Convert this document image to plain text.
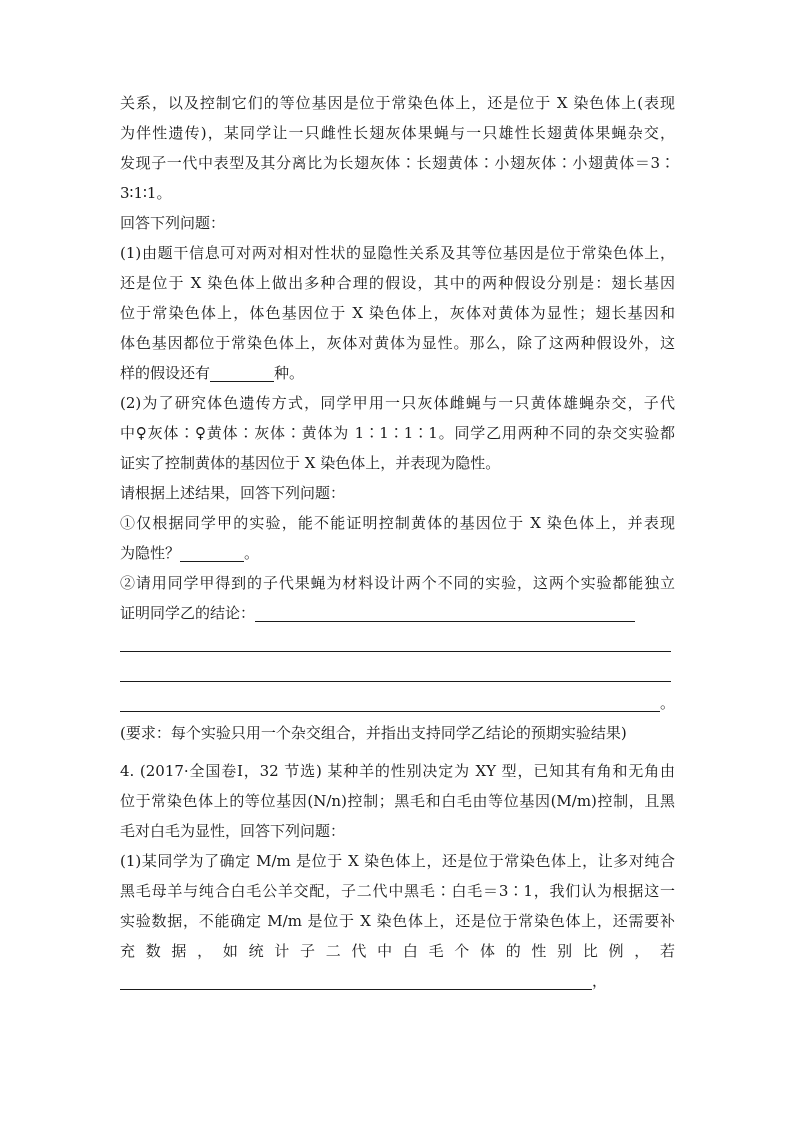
关系，以及控制它们的等位基因是位于常染色体上，还是位于 X 染色体上(表现
为伴性遗传)，某同学让一只雌性长翅灰体果蝇与一只雄性长翅黄体果蝇杂交，
发现子一代中表型及其分离比为长翅灰体∶长翅黄体∶小翅灰体∶小翅黄体＝3∶
3∶1∶1。
回答下列问题：
(1)由题干信息可对两对相对性状的显隐性关系及其等位基因是位于常染色体上，
还是位于 X 染色体上做出多种合理的假设，其中的两种假设分别是：翅长基因
位于常染色体上，体色基因位于 X 染色体上，灰体对黄体为显性；翅长基因和
体色基因都位于常染色体上，灰体对黄体为显性。那么，除了这两种假设外，这
样的假设还有	种。
(2)为了研究体色遗传方式，同学甲用一只灰体雌蝇与一只黄体雄蝇杂交，子代
中♀灰体∶♀黄体∶灰体∶黄体为 1∶1∶1∶1。同学乙用两种不同的杂交实验都
证实了控制黄体的基因位于 X 染色体上，并表现为隐性。
请根据上述结果，回答下列问题：
①仅根据同学甲的实验，能不能证明控制黄体的基因位于 X 染色体上，并表现
为隐性？	。
②请用同学甲得到的子代果蝇为材料设计两个不同的实验，这两个实验都能独立
证明同学乙的结论：
。
(要求：每个实验只用一个杂交组合，并指出支持同学乙结论的预期实验结果)
4. (2017·全国卷Ⅰ，32 节选) 某种羊的性别决定为 XY 型，已知其有角和无角由
位于常染色体上的等位基因(N/n)控制；黑毛和白毛由等位基因(M/m)控制，且黑
毛对白毛为显性，回答下列问题：
(1)某同学为了确定 M/m 是位于 X 染色体上，还是位于常染色体上，让多对纯合
黑毛母羊与纯合白毛公羊交配，子二代中黑毛∶白毛＝3∶1，我们认为根据这一
实验数据，不能确定 M/m 是位于 X 染色体上，还是位于常染色体上，还需要补
充数据，如统计子二代中白毛个体的性别比例，若
，
